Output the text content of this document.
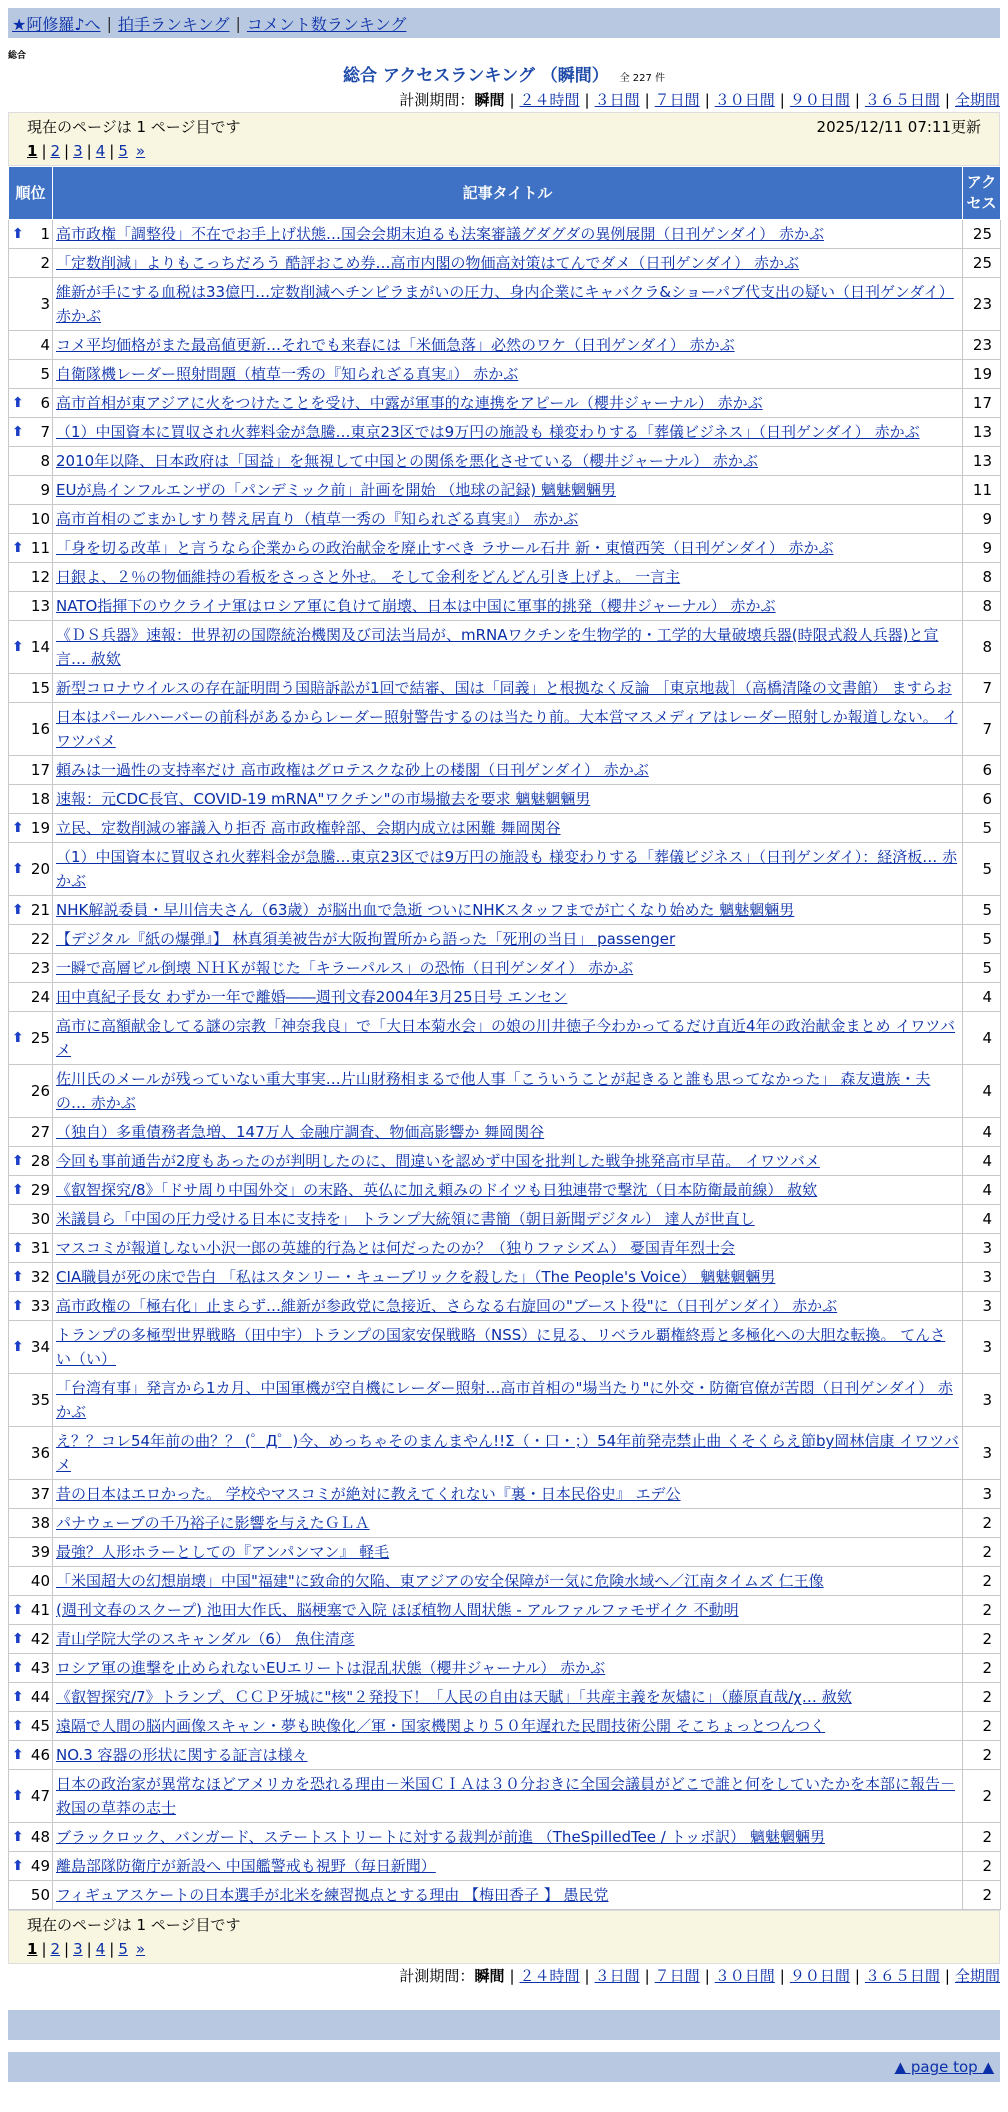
★阿修羅♪へ | 拍手ランキング | コメント数ランキング
総合
総合 アクセスランキング （瞬間） 全 227 件
計測期間：瞬間 | ２４時間 | ３日間 | ７日間 | ３０日間 | ９０日間 | ３６５日間 | 全期間
現在のページは 1 ページ目です	2025/12/11 07:11更新
1 | 2 | 3 | 4 | 5 »
順位	記事タイトル	アク
セス

⬆ 1	高市政権「調整役」不在でお手上げ状態…国会会期末迫るも法案審議グダグダの異例展開（日刊ゲンダイ） 赤かぶ	25
2	「定数削減」よりもこっちだろう 酷評おこめ券…高市内閣の物価高対策はてんでダメ（日刊ゲンダイ） 赤かぶ	25
3	維新が手にする血税は33億円…定数削減ヘチンピラまがいの圧力、身内企業にキャバクラ&ショーパブ代支出の疑い（日刊ゲンダイ） 赤かぶ	23
4	コメ平均価格がまた最高値更新…それでも来春には「米価急落」必然のワケ（日刊ゲンダイ） 赤かぶ	23
5	自衛隊機レーダー照射問題（植草一秀の『知られざる真実』） 赤かぶ	19

⬆ 6	高市首相が東アジアに火をつけたことを受け、中露が軍事的な連携をアピール（櫻井ジャーナル） 赤かぶ	17

⬆ 7	（1）中国資本に買収され火葬料金が急騰…東京23区では9万円の施設も 様変わりする「葬儀ビジネス」（日刊ゲンダイ） 赤かぶ	13
8	2010年以降、日本政府は「国益」を無視して中国との関係を悪化させている（櫻井ジャーナル） 赤かぶ	13
9	EUが鳥インフルエンザの「パンデミック前」計画を開始 （地球の記録) 魑魅魍魎男	11
10	高市首相のごまかしすり替え居直り（植草一秀の『知られざる真実』） 赤かぶ	9

⬆ 11	「身を切る改革」と言うなら企業からの政治献金を廃止すべき ラサール石井 新・東憤西笑（日刊ゲンダイ） 赤かぶ	9
12	日銀よ、２％の物価維持の看板をさっさと外せ。 そして金利をどんどん引き上げよ。 一言主	8
13	NATO指揮下のウクライナ軍はロシア軍に負けて崩壊、日本は中国に軍事的挑発（櫻井ジャーナル） 赤かぶ	8

⬆ 14	《ＤＳ兵器》速報：世界初の国際統治機関及び司法当局が、mRNAワクチンを生物学的・工学的大量破壊兵器(時限式殺人兵器)と宣言… 赦欸	8
15	新型コロナウイルスの存在証明問う国賠訴訟が1回で結審、国は「同義」と根拠なく反論 ［東京地裁］（高橋清隆の文書館） ますらお	7
16	日本はパールハーバーの前科があるからレーダー照射警告するのは当たり前。大本営マスメディアはレーダー照射しか報道しない。 イワツバメ	7
17	頼みは一過性の支持率だけ 高市政権はグロテスクな砂上の楼閣（日刊ゲンダイ） 赤かぶ	6
18	速報：元CDC長官、COVID-19 mRNA"ワクチン"の市場撤去を要求 魑魅魍魎男	6

⬆ 19	立民、定数削減の審議入り拒否 高市政権幹部、会期内成立は困難 舞岡関谷	5

⬆ 20	（1）中国資本に買収され火葬料金が急騰…東京23区では9万円の施設も 様変わりする「葬儀ビジネス」（日刊ゲンダイ）：経済板… 赤かぶ	5

⬆ 21	NHK解説委員・早川信夫さん（63歳）が脳出血で急逝 ついにNHKスタッフまでが亡くなり始めた 魑魅魍魎男	5
22	【デジタル『紙の爆弾』】 林真須美被告が大阪拘置所から語った「死刑の当日」 passenger	5
23	一瞬で高層ビル倒壊 ＮＨＫが報じた「キラーパルス」の恐怖（日刊ゲンダイ） 赤かぶ	5
24	田中真紀子長女 わずか一年で離婚――週刊文春2004年3月25日号 エンセン	4

⬆ 25	高市に高額献金してる謎の宗教「神奈我良」で「大日本菊水会」の娘の川井徳子今わかってるだけ直近4年の政治献金まとめ イワツバメ	4
26	佐川氏のメールが残っていない重大事実…片山財務相まるで他人事「こういうことが起きると誰も思ってなかった」 森友遺族・夫の… 赤かぶ	4
27	（独自）多重債務者急増、147万人 金融庁調査、物価高影響か 舞岡関谷	4

⬆ 28	今回も事前通告が2度もあったのが判明したのに、間違いを認めず中国を批判した戦争挑発高市早苗。 イワツバメ	4

⬆ 29	《叡智探究/8》「ドサ周り中国外交」の末路、英仏に加え頼みのドイツも日独連帯で撃沈（日本防衛最前線） 赦欸	4
30	米議員ら「中国の圧力受ける日本に支持を」 トランプ大統領に書簡（朝日新聞デジタル） 達人が世直し	4

⬆ 31	マスコミが報道しない小沢一郎の英雄的行為とは何だったのか？（独りファシズム） 憂国青年烈士会	3

⬆ 32	CIA職員が死の床で告白 「私はスタンリー・キューブリックを殺した」（The People's Voice） 魑魅魍魎男	3

⬆ 33	高市政権の「極右化」止まらず…維新が参政党に急接近、さらなる右旋回の"ブースト役"に（日刊ゲンダイ） 赤かぶ	3

⬆ 34	トランプの多極型世界戦略（田中宇）トランプの国家安保戦略（NSS）に見る、リベラル覇権終焉と多極化への大胆な転換。 てんさい（い）	3
35	「台湾有事」発言から1カ月、中国軍機が空自機にレーダー照射…高市首相の"場当たり"に外交・防衛官僚が苦悶（日刊ゲンダイ） 赤かぶ	3
36	え？？コレ54年前の曲？？ (゜Д゜)今、めっちゃそのまんまやん!!Σ（・口・；）54年前発売禁止曲 くそくらえ節by岡林信康 イワツバメ	3
37	昔の日本はエロかった。 学校やマスコミが絶対に教えてくれない『裏・日本民俗史』 エデ公	3
38	パナウェーブの千乃裕子に影響を与えたＧＬＡ	2
39	最強？人形ホラーとしての『アンパンマン』 軽毛	2
40	「米国超大の幻想崩壊」中国"福建"に致命的欠陥、東アジアの安全保障が一気に危険水域へ／江南タイムズ 仁王像	2

⬆ 41	(週刊文春のスクープ) 池田大作氏、脳梗塞で入院 ほぼ植物人間状態 - アルファルファモザイク 不動明	2

⬆ 42	青山学院大学のスキャンダル（6） 魚住清彦	2

⬆ 43	ロシア軍の進撃を止められないEUエリートは混乱状態（櫻井ジャーナル） 赤かぶ	2

⬆ 44	《叡智探究/7》トランプ、ＣＣＰ牙城に"核"２発投下！「人民の自由は天賦」「共産主義を灰燼に」（藤原直哉/χ… 赦欸	2

⬆ 45	遠隔で人間の脳内画像スキャン・夢も映像化／軍・国家機関より５０年遅れた民間技術公開 そこちょっとつんつく	2

⬆ 46	NO.3 容器の形状に関する証言は様々	2

⬆ 47	日本の政治家が異常なほどアメリカを恐れる理由－米国ＣＩＡは３０分おきに全国会議員がどこで誰と何をしていたかを本部に報告－ 救国の草莽の志士	2

⬆ 48	ブラックロック、バンガード、ステートストリートに対する裁判が前進 （TheSpilledTee / トッポ訳） 魑魅魍魎男	2

⬆ 49	離島部隊防衛庁が新設へ 中国艦警戒も視野（毎日新聞）	2
50	フィギュアスケートの日本選手が北米を練習拠点とする理由 【梅田香子 】 愚民党	2
現在のページは 1 ページ目です
1 | 2 | 3 | 4 | 5 »
計測期間：瞬間 | ２４時間 | ３日間 | ７日間 | ３０日間 | ９０日間 | ３６５日間 | 全期間
▲ page top ▲
